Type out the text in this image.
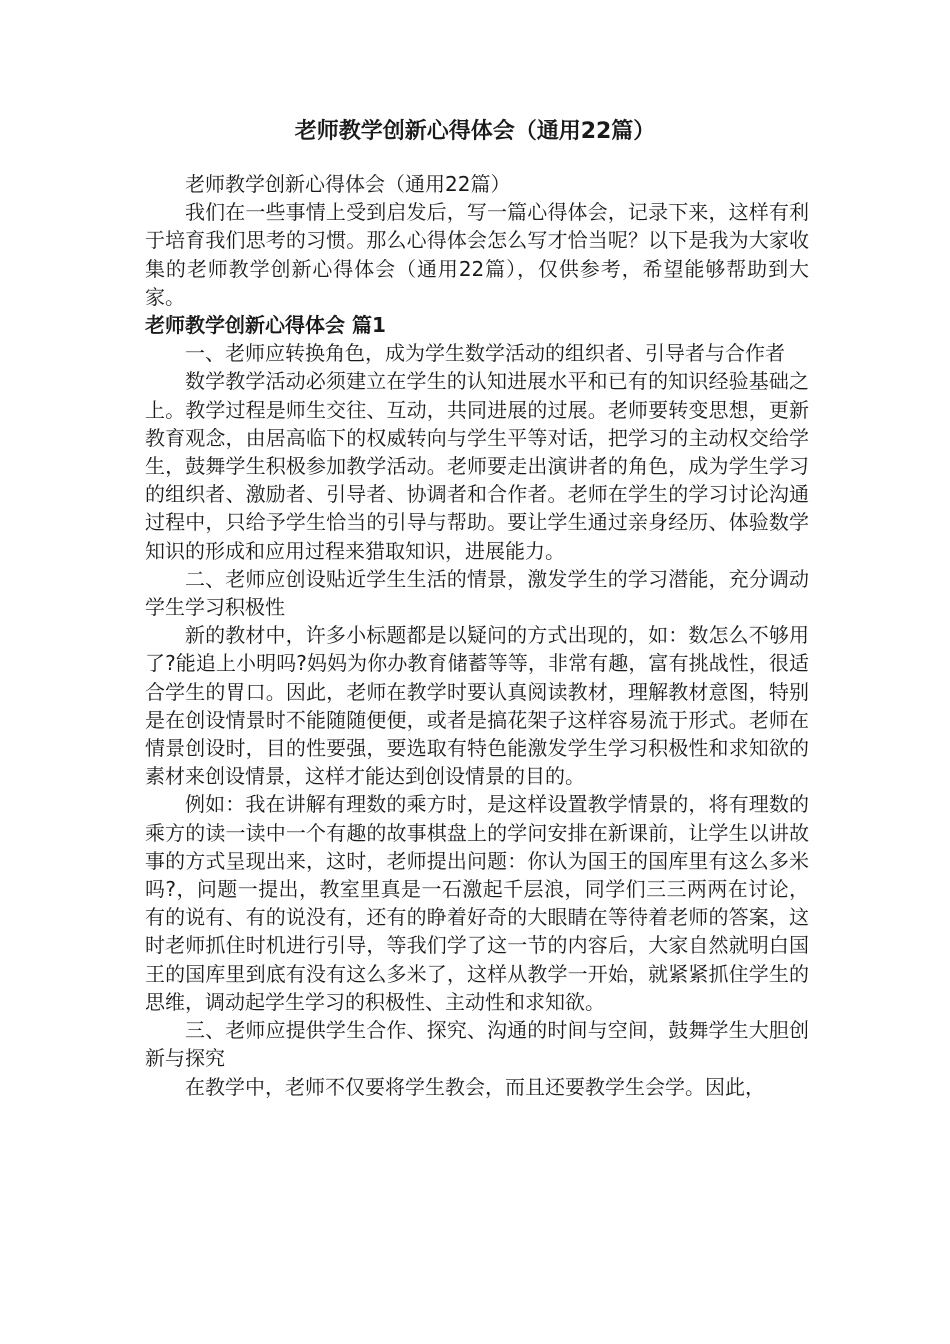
老师教学创新心得体会（通用22篇）

老师教学创新心得体会（通用22篇）

我们在一些事情上受到启发后，写一篇心得体会，记录下来，这样有利于培育我们思考的习惯。那么心得体会怎么写才恰当呢？以下是我为大家收集的老师教学创新心得体会（通用22篇），仅供参考，希望能够帮助到大家。

老师教学创新心得体会 篇1

一、老师应转换角色，成为学生数学活动的组织者、引导者与合作者

数学教学活动必须建立在学生的认知进展水平和已有的知识经验基础之上。教学过程是师生交往、互动，共同进展的过展。老师要转变思想，更新教育观念，由居高临下的权威转向与学生平等对话，把学习的主动权交给学生，鼓舞学生积极参加教学活动。老师要走出演讲者的角色，成为学生学习的组织者、激励者、引导者、协调者和合作者。老师在学生的学习讨论沟通过程中，只给予学生恰当的引导与帮助。要让学生通过亲身经历、体验数学知识的形成和应用过程来猎取知识，进展能力。

二、老师应创设贴近学生生活的情景，激发学生的学习潜能，充分调动学生学习积极性

新的教材中，许多小标题都是以疑问的方式出现的，如：数怎么不够用了?能追上小明吗?妈妈为你办教育储蓄等等，非常有趣，富有挑战性，很适合学生的胃口。因此，老师在教学时要认真阅读教材，理解教材意图，特别是在创设情景时不能随随便便，或者是搞花架子这样容易流于形式。老师在情景创设时，目的性要强，要选取有特色能激发学生学习积极性和求知欲的素材来创设情景，这样才能达到创设情景的目的。

例如：我在讲解有理数的乘方时，是这样设置教学情景的，将有理数的乘方的读一读中一个有趣的故事棋盘上的学问安排在新课前，让学生以讲故事的方式呈现出来，这时，老师提出问题：你认为国王的国库里有这么多米吗?，问题一提出，教室里真是一石激起千层浪，同学们三三两两在讨论，有的说有、有的说没有，还有的睁着好奇的大眼睛在等待着老师的答案，这时老师抓住时机进行引导，等我们学了这一节的内容后，大家自然就明白国王的国库里到底有没有这么多米了，这样从教学一开始，就紧紧抓住学生的思维，调动起学生学习的积极性、主动性和求知欲。

三、老师应提供学生合作、探究、沟通的时间与空间，鼓舞学生大胆创新与探究

在教学中，老师不仅要将学生教会，而且还要教学生会学。因此，
